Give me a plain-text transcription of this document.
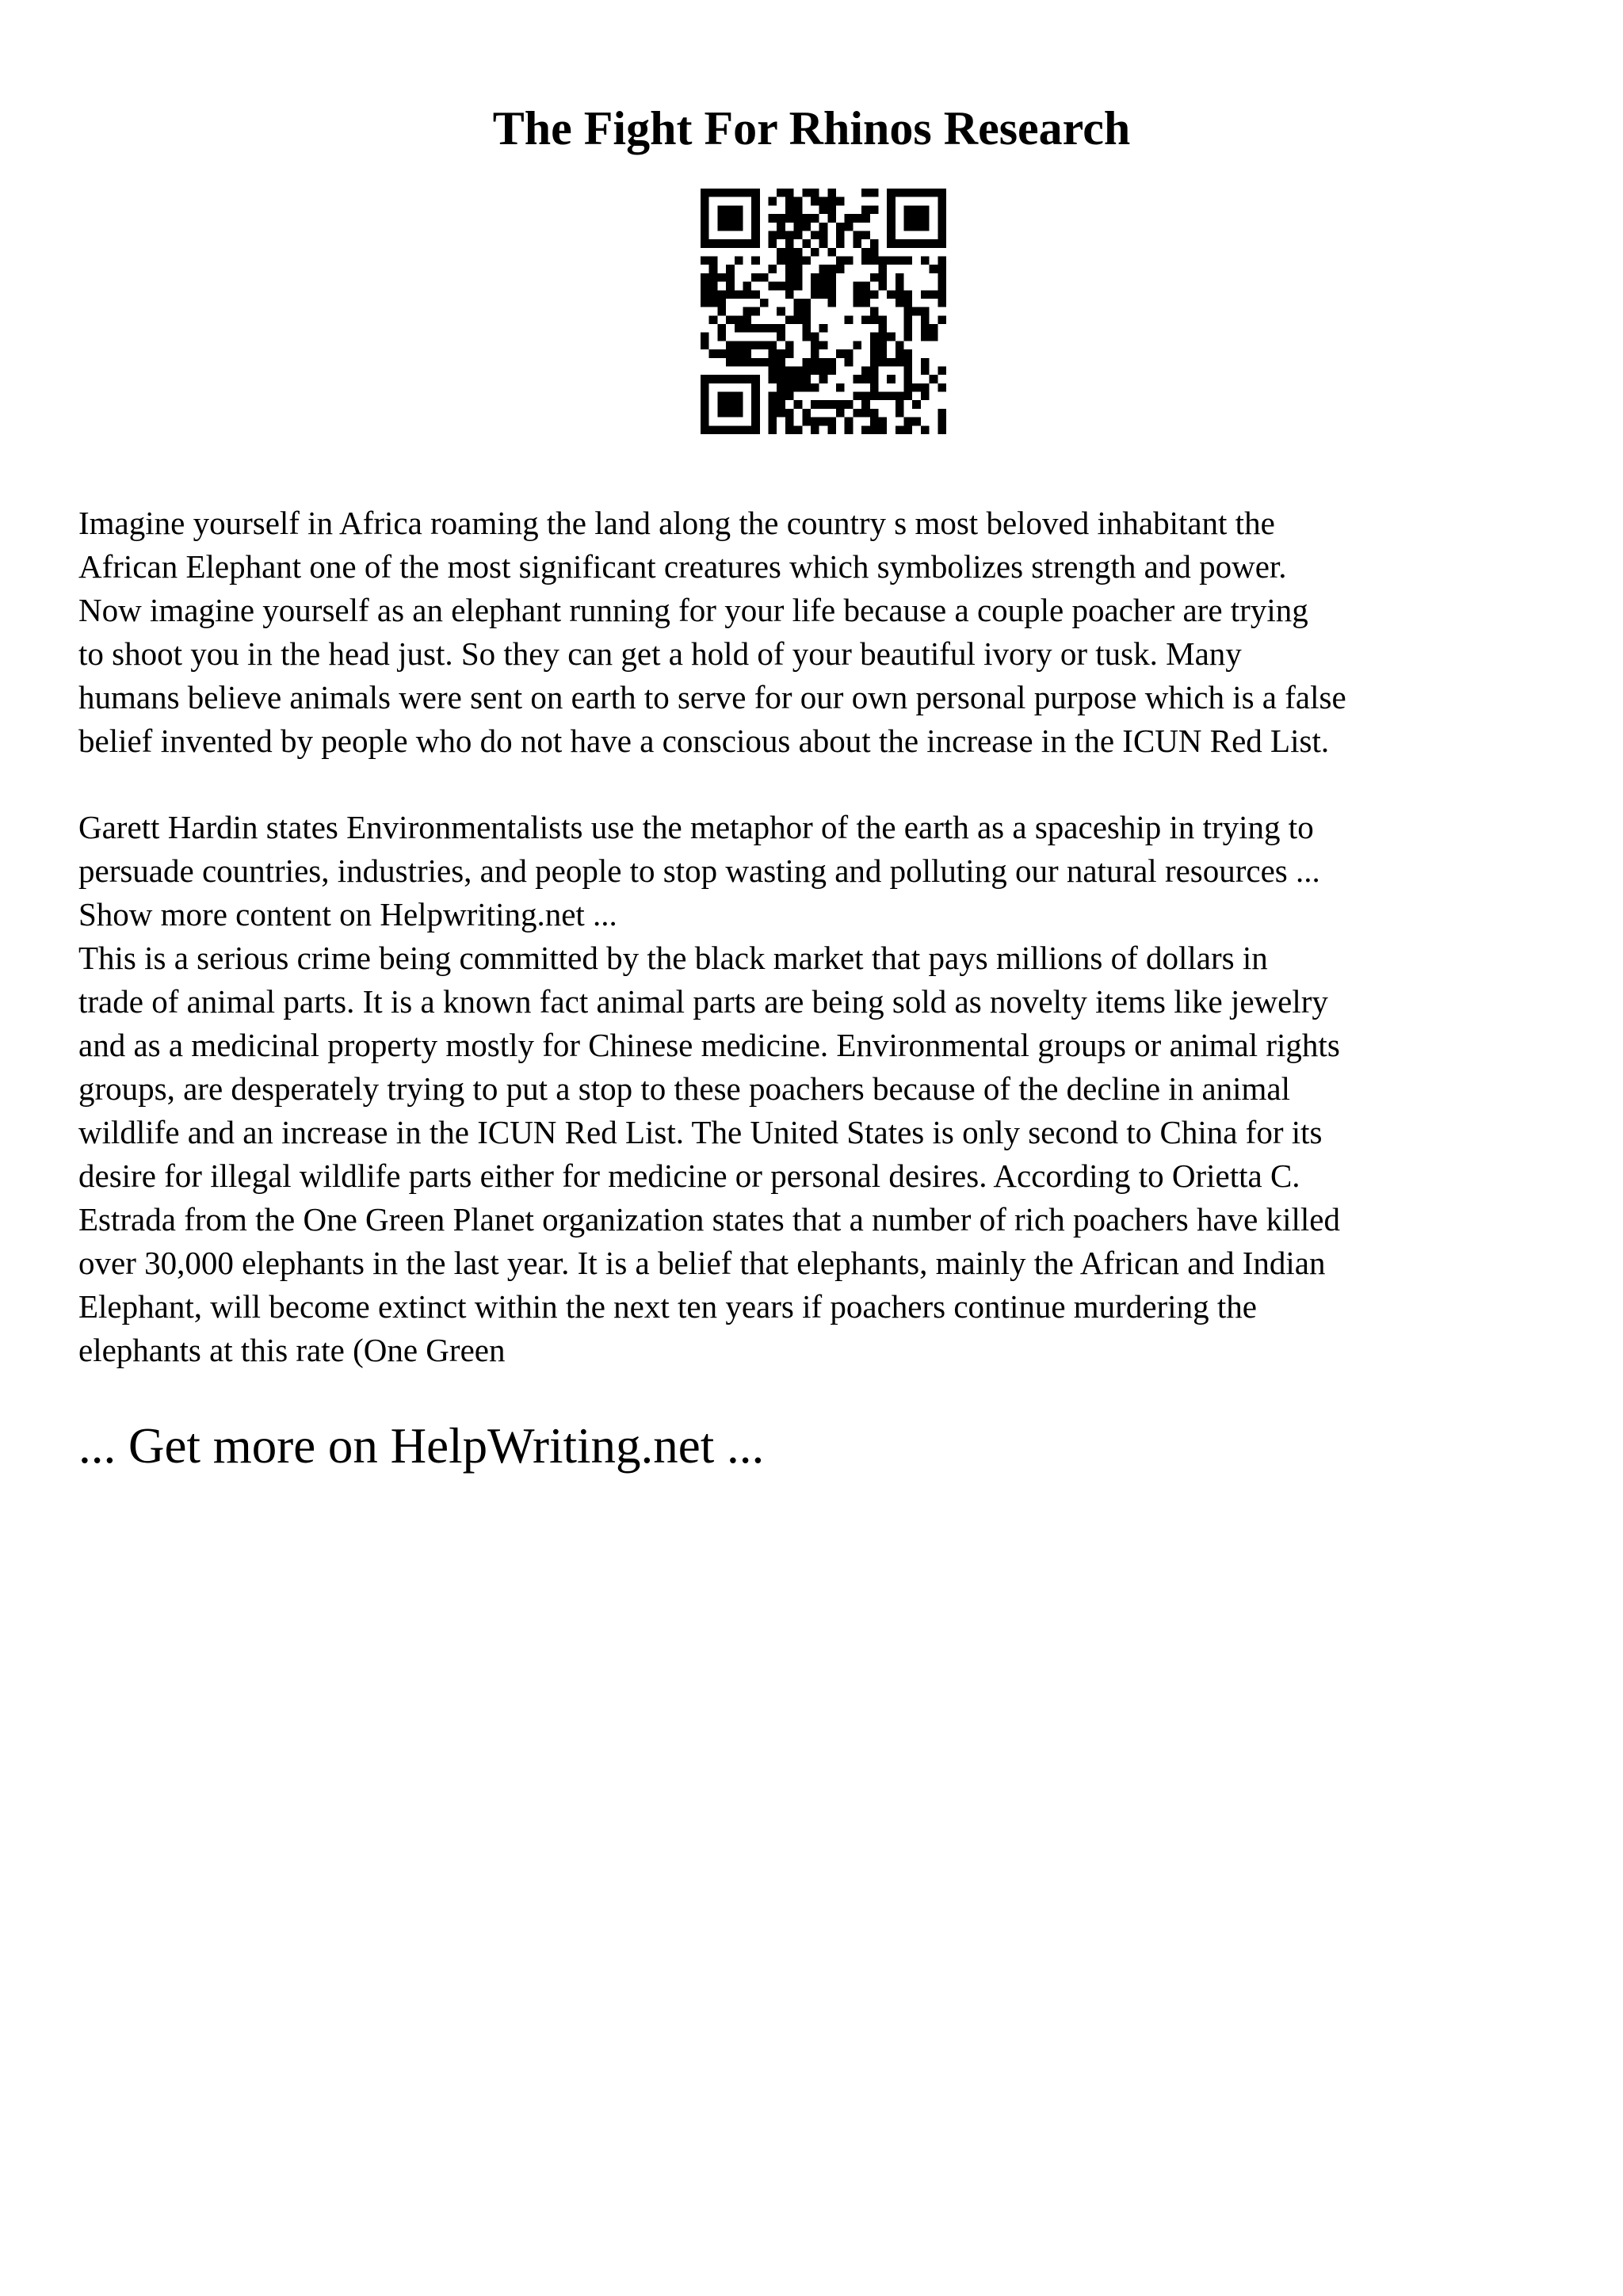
The Fight For Rhinos Research

Imagine yourself in Africa roaming the land along the country s most beloved inhabitant the
African Elephant one of the most significant creatures which symbolizes strength and power.
Now imagine yourself as an elephant running for your life because a couple poacher are trying
to shoot you in the head just. So they can get a hold of your beautiful ivory or tusk. Many
humans believe animals were sent on earth to serve for our own personal purpose which is a false
belief invented by people who do not have a conscious about the increase in the ICUN Red List.

Garett Hardin states Environmentalists use the metaphor of the earth as a spaceship in trying to
persuade countries, industries, and people to stop wasting and polluting our natural resources ...
Show more content on Helpwriting.net ...

This is a serious crime being committed by the black market that pays millions of dollars in
trade of animal parts. It is a known fact animal parts are being sold as novelty items like jewelry
and as a medicinal property mostly for Chinese medicine. Environmental groups or animal rights
groups, are desperately trying to put a stop to these poachers because of the decline in animal
wildlife and an increase in the ICUN Red List. The United States is only second to China for its
desire for illegal wildlife parts either for medicine or personal desires. According to Orietta C.
Estrada from the One Green Planet organization states that a number of rich poachers have killed
over 30,000 elephants in the last year. It is a belief that elephants, mainly the African and Indian
Elephant, will become extinct within the next ten years if poachers continue murdering the
elephants at this rate (One Green

... Get more on HelpWriting.net ...
